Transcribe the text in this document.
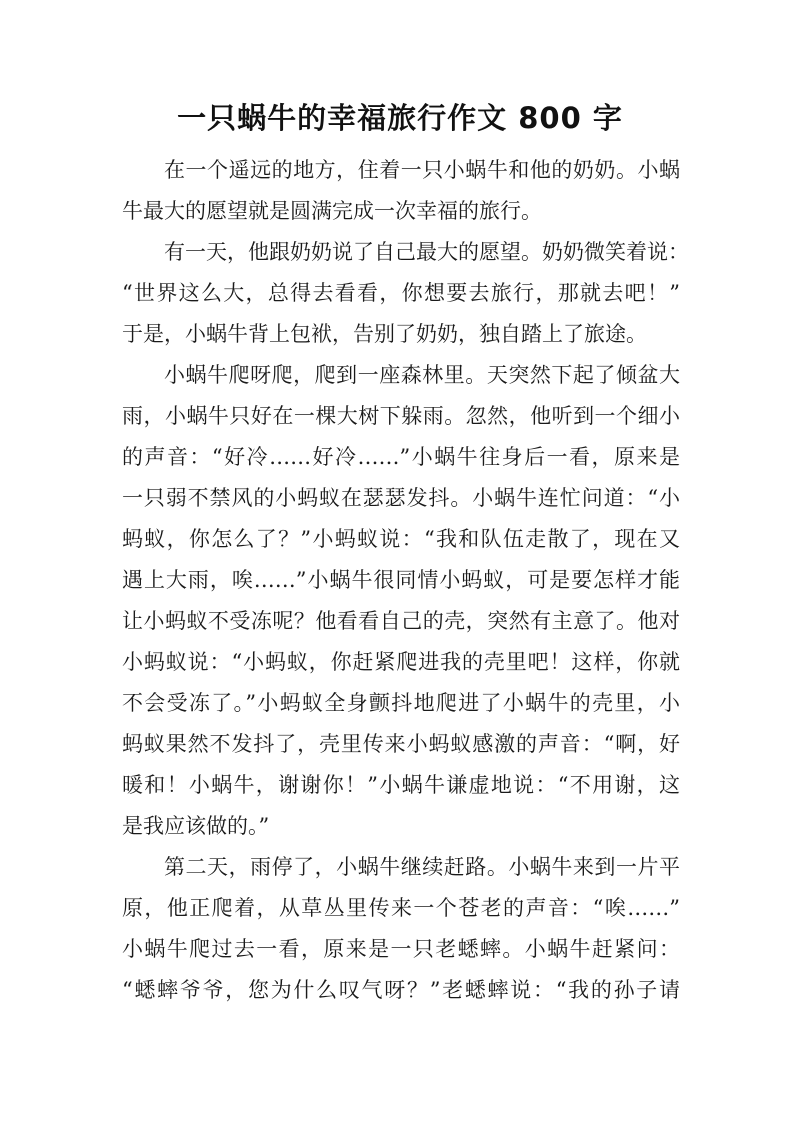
一只蜗牛的幸福旅行作文 800 字
在一个遥远的地方，住着一只小蜗牛和他的奶奶。小蜗
牛最大的愿望就是圆满完成一次幸福的旅行。
有一天，他跟奶奶说了自己最大的愿望。奶奶微笑着说：
“世界这么大，总得去看看，你想要去旅行，那就去吧！”
于是，小蜗牛背上包袱，告别了奶奶，独自踏上了旅途。
小蜗牛爬呀爬，爬到一座森林里。天突然下起了倾盆大
雨，小蜗牛只好在一棵大树下躲雨。忽然，他听到一个细小
的声音：“好冷……好冷……”小蜗牛往身后一看，原来是
一只弱不禁风的小蚂蚁在瑟瑟发抖。小蜗牛连忙问道：“小
蚂蚁，你怎么了？”小蚂蚁说：“我和队伍走散了，现在又
遇上大雨，唉……”小蜗牛很同情小蚂蚁，可是要怎样才能
让小蚂蚁不受冻呢？他看看自己的壳，突然有主意了。他对
小蚂蚁说：“小蚂蚁，你赶紧爬进我的壳里吧！这样，你就
不会受冻了。”小蚂蚁全身颤抖地爬进了小蜗牛的壳里，小
蚂蚁果然不发抖了，壳里传来小蚂蚁感激的声音：“啊，好
暖和！小蜗牛，谢谢你！”小蜗牛谦虚地说：“不用谢，这
是我应该做的。”
第二天，雨停了，小蜗牛继续赶路。小蜗牛来到一片平
原，他正爬着，从草丛里传来一个苍老的声音：“唉……”
小蜗牛爬过去一看，原来是一只老蟋蟀。小蜗牛赶紧问：
“蟋蟀爷爷，您为什么叹气呀？”老蟋蟀说：“我的孙子请
